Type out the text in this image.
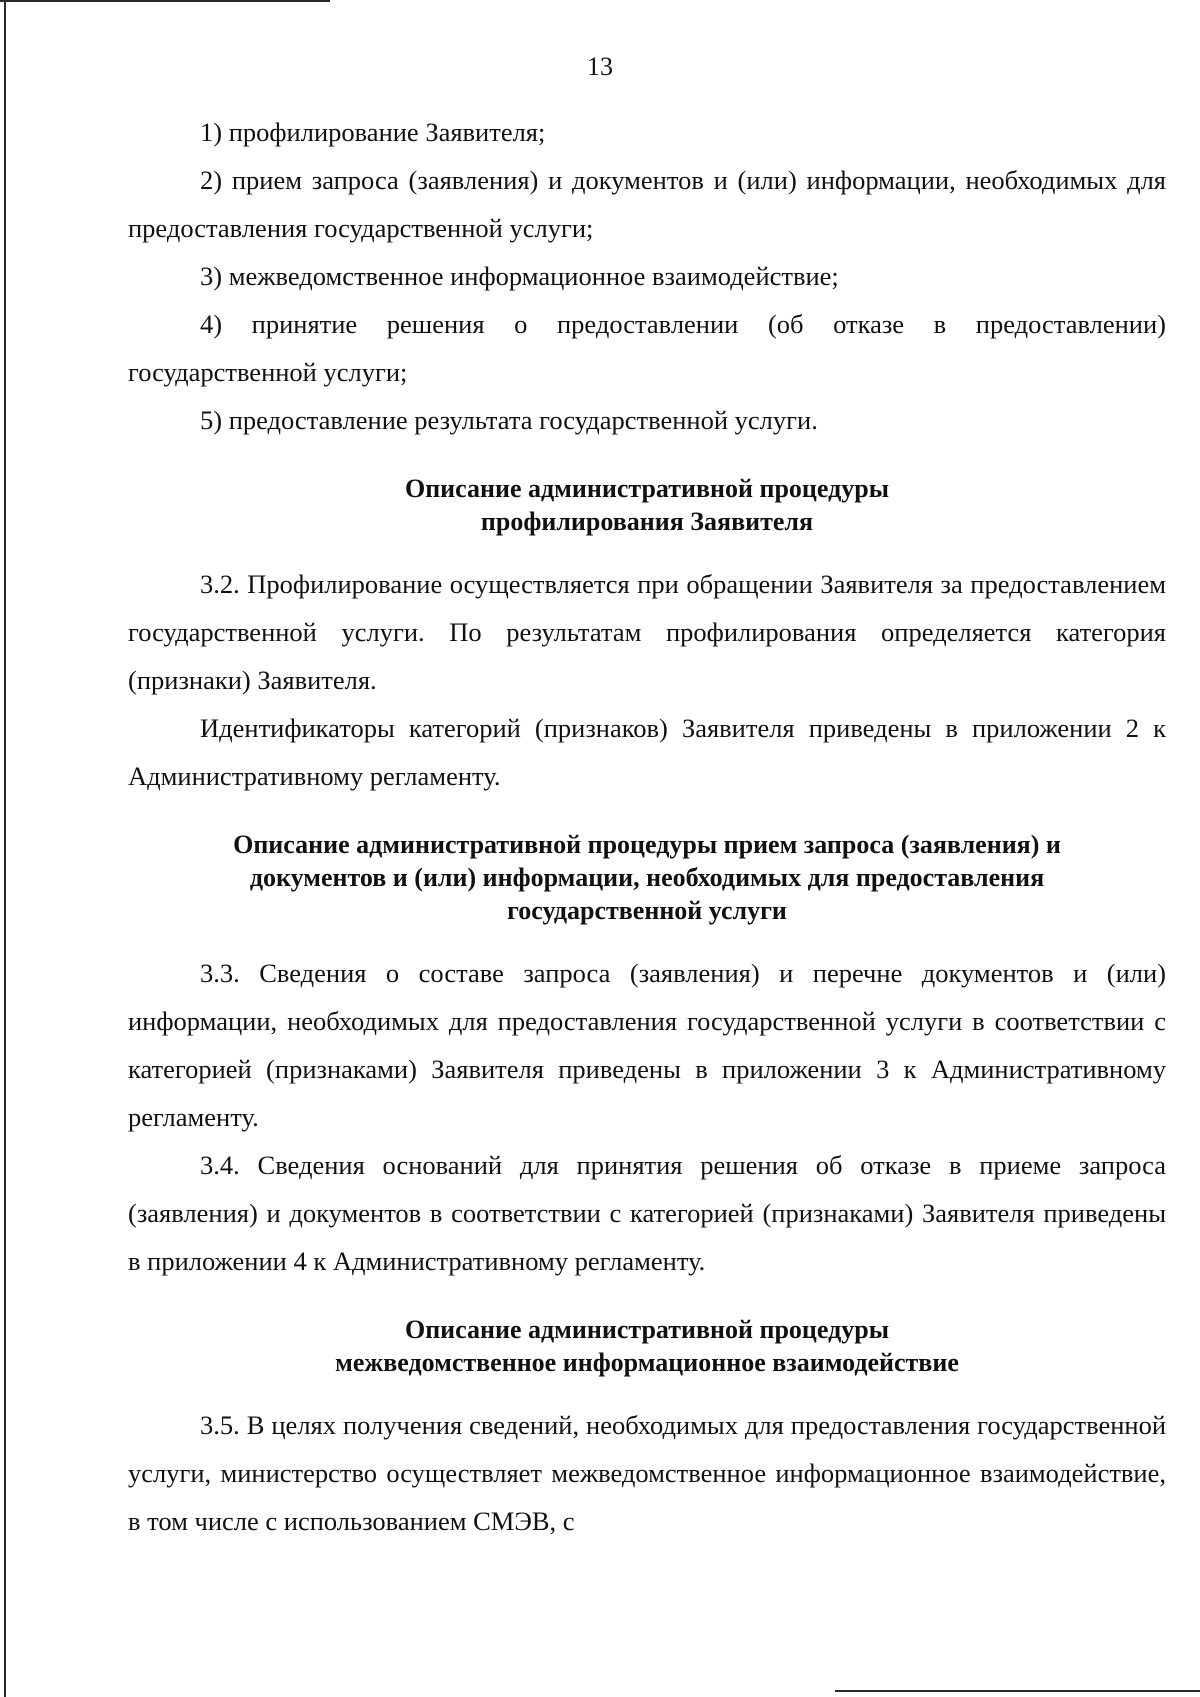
13

1) профилирование Заявителя;

2) прием запроса (заявления) и документов и (или) информации, необходимых для предоставления государственной услуги;

3) межведомственное информационное взаимодействие;

4) принятие решения о предоставлении (об отказе в предоставлении) государственной услуги;

5) предоставление результата государственной услуги.

Описание административной процедуры

профилирования Заявителя

3.2. Профилирование осуществляется при обращении Заявителя за предоставлением государственной услуги. По результатам профилирования определяется категория (признаки) Заявителя.

Идентификаторы категорий (признаков) Заявителя приведены в приложении 2 к Административному регламенту.

Описание административной процедуры прием запроса (заявления) и

документов и (или) информации, необходимых для предоставления

государственной услуги

3.3. Сведения о составе запроса (заявления) и перечне документов и (или) информации, необходимых для предоставления государственной услуги в соответствии с категорией (признаками) Заявителя приведены в приложении 3 к Административному регламенту.

3.4. Сведения оснований для принятия решения об отказе в приеме запроса (заявления) и документов в соответствии с категорией (признаками) Заявителя приведены в приложении 4 к Административному регламенту.

Описание административной процедуры

межведомственное информационное взаимодействие

3.5. В целях получения сведений, необходимых для предоставления государственной услуги, министерство осуществляет межведомственное информационное взаимодействие, в том числе с использованием СМЭВ, с
